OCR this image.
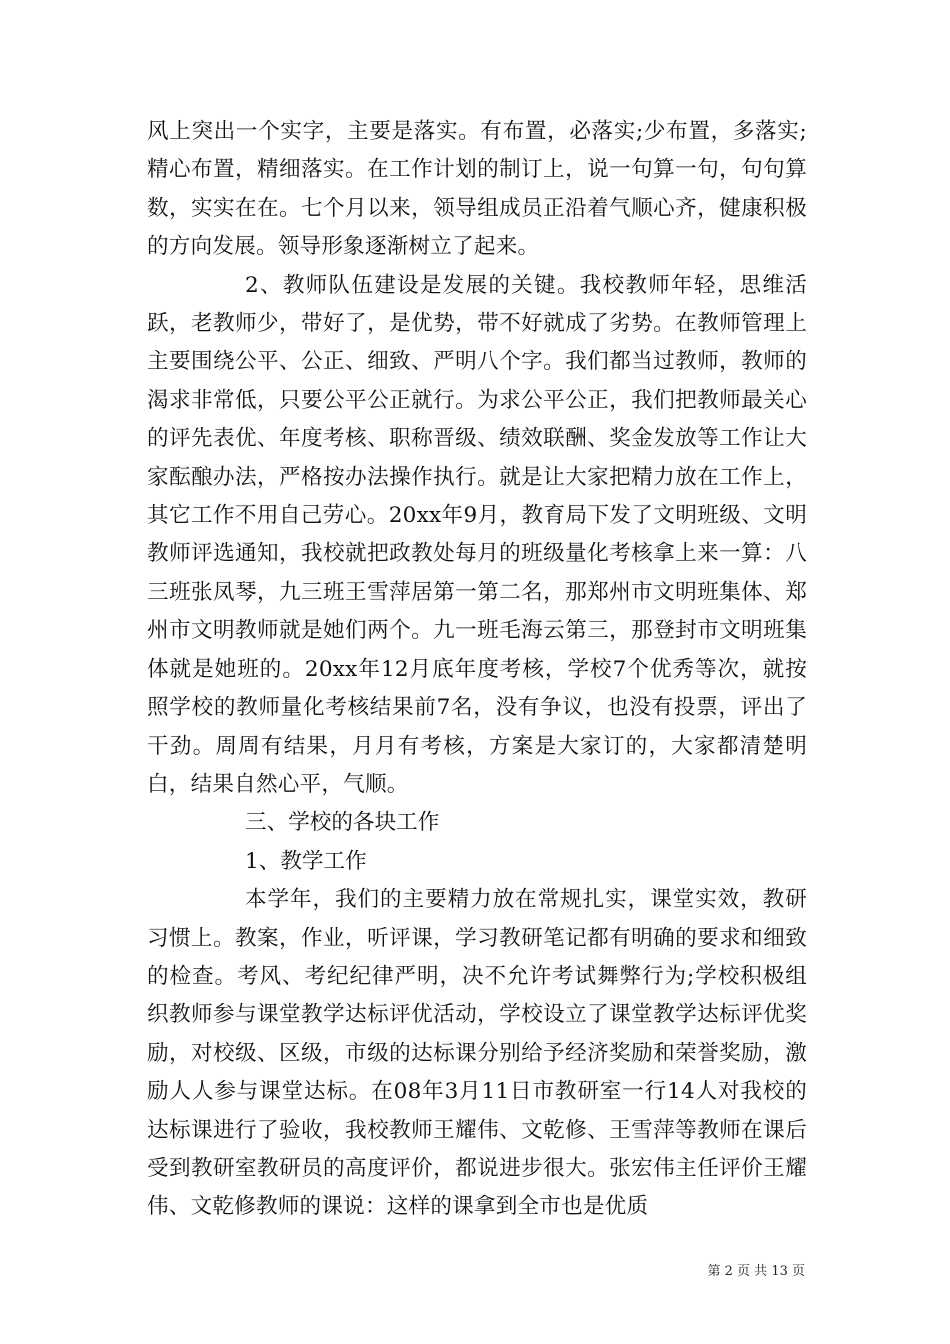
风上突出一个实字，主要是落实。有布置，必落实;少布置，多落实;精心布置，精细落实。在工作计划的制订上，说一句算一句，句句算数，实实在在。七个月以来，领导组成员正沿着气顺心齐，健康积极的方向发展。领导形象逐渐树立了起来。

2、教师队伍建设是发展的关键。我校教师年轻，思维活跃，老教师少，带好了，是优势，带不好就成了劣势。在教师管理上主要围绕公平、公正、细致、严明八个字。我们都当过教师，教师的渴求非常低，只要公平公正就行。为求公平公正，我们把教师最关心的评先表优、年度考核、职称晋级、绩效联酬、奖金发放等工作让大家酝酿办法，严格按办法操作执行。就是让大家把精力放在工作上，其它工作不用自己劳心。20xx年9月，教育局下发了文明班级、文明教师评选通知，我校就把政教处每月的班级量化考核拿上来一算：八三班张凤琴，九三班王雪萍居第一第二名，那郑州市文明班集体、郑州市文明教师就是她们两个。九一班毛海云第三，那登封市文明班集体就是她班的。20xx年12月底年度考核，学校7个优秀等次，就按照学校的教师量化考核结果前7名，没有争议，也没有投票，评出了干劲。周周有结果，月月有考核，方案是大家订的，大家都清楚明白，结果自然心平，气顺。

三、学校的各块工作

1、教学工作

本学年，我们的主要精力放在常规扎实，课堂实效，教研习惯上。教案，作业，听评课，学习教研笔记都有明确的要求和细致的检查。考风、考纪纪律严明，决不允许考试舞弊行为;学校积极组织教师参与课堂教学达标评优活动，学校设立了课堂教学达标评优奖励，对校级、区级，市级的达标课分别给予经济奖励和荣誉奖励，激励人人参与课堂达标。在08年3月11日市教研室一行14人对我校的达标课进行了验收，我校教师王耀伟、文乾修、王雪萍等教师在课后受到教研室教研员的高度评价，都说进步很大。张宏伟主任评价王耀伟、文乾修教师的课说：这样的课拿到全市也是优质

第 2 页 共 13 页
